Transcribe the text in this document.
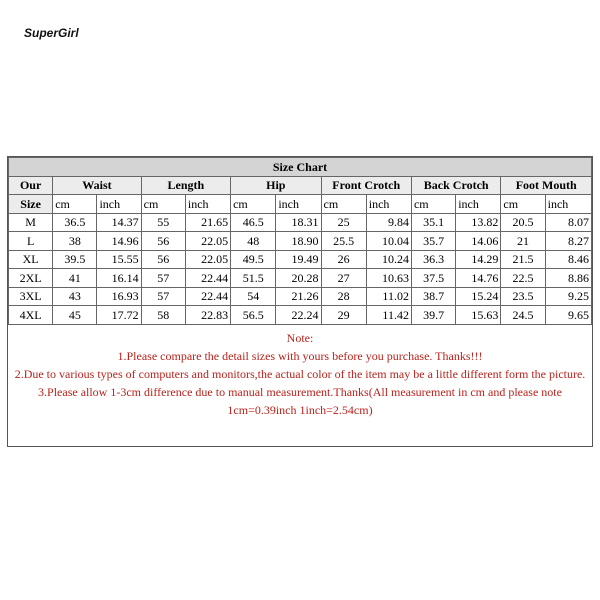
SuperGirl
Size Chart												
Our	Waist		Length		Hip		Front Crotch		Back Crotch		Foot Mouth	
Size	cm	inch	cm	inch	cm	inch	cm	inch	cm	inch	cm	inch
M	36.5	14.37	55	21.65	46.5	18.31	25	9.84	35.1	13.82	20.5	8.07
L	38	14.96	56	22.05	48	18.90	25.5	10.04	35.7	14.06	21	8.27
XL	39.5	15.55	56	22.05	49.5	19.49	26	10.24	36.3	14.29	21.5	8.46
2XL	41	16.14	57	22.44	51.5	20.28	27	10.63	37.5	14.76	22.5	8.86
3XL	43	16.93	57	22.44	54	21.26	28	11.02	38.7	15.24	23.5	9.25
4XL	45	17.72	58	22.83	56.5	22.24	29	11.42	39.7	15.63	24.5	9.65
Note:
1.Please compare the detail sizes with yours before you purchase. Thanks!!!
2.Due to various types of computers and monitors,the actual color of the item may be a little different form the picture.
3.Please allow 1-3cm difference due to manual measurement.Thanks(All measurement in cm and please note 1cm=0.39inch 1inch=2.54cm)
